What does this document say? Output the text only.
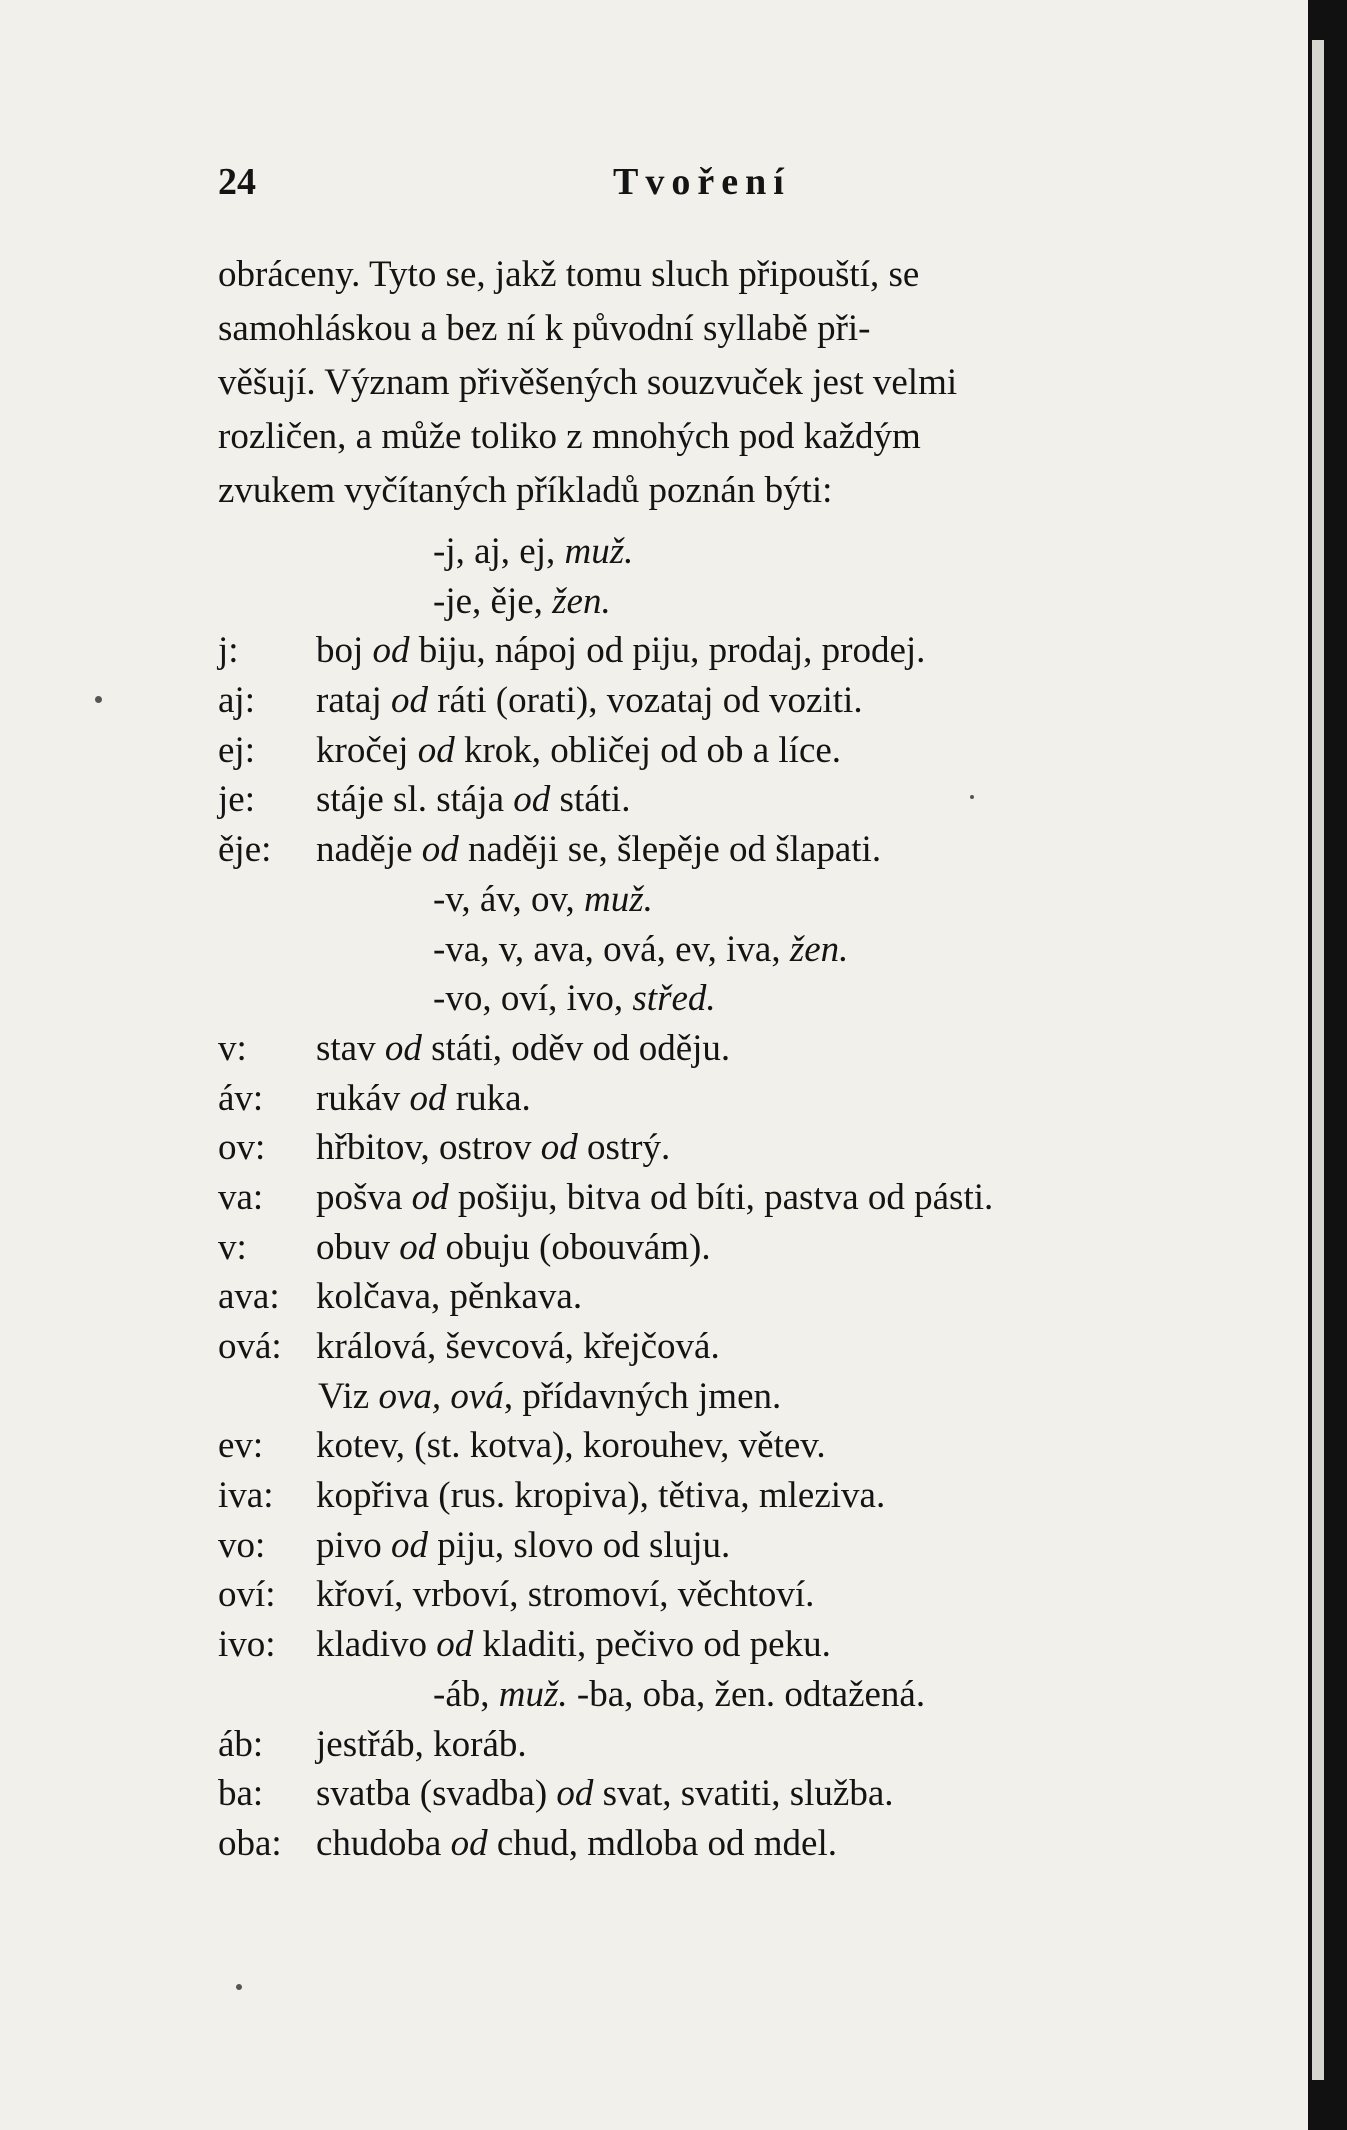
24	Tvoření
obráceny. Tyto se, jakž tomu sluch připouští, se
samohláskou a bez ní k původní syllabě při-
věšují. Význam přivěšených souzvuček jest velmi
rozličen, a může toliko z mnohých pod každým
zvukem vyčítaných příkladů poznán býti:
-j, aj, ej, muž.
-je, ěje, žen.
j: boj od biju, nápoj od piju, prodaj, prodej.
aj: rataj od ráti (orati), vozataj od voziti.
ej: kročej od krok, obličej od ob a líce.
je: stáje sl. stája od státi.
ěje: naděje od naději se, šlepěje od šlapati.
-v, áv, ov, muž.
-va, v, ava, ová, ev, iva, žen.
-vo, oví, ivo, střed.
v: stav od státi, oděv od oděju.
áv: rukáv od ruka.
ov: hřbitov, ostrov od ostrý.
va: pošva od pošiju, bitva od bíti, pastva od pásti.
v: obuv od obuju (obouvám).
ava: kolčava, pěnkava.
ová: králová, ševcová, křejčová.
Viz ova, ová, přídavných jmen.
ev: kotev, (st. kotva), korouhev, větev.
iva: kopřiva (rus. kropiva), tětiva, mleziva.
vo: pivo od piju, slovo od sluju.
oví: křoví, vrboví, stromoví, věchtoví.
ivo: kladivo od kladiti, pečivo od peku.
-áb, muž. -ba, oba, žen. odtažená.
áb: jestřáb, koráb.
ba: svatba (svadba) od svat, svatiti, služba.
oba: chudoba od chud, mdloba od mdel.
